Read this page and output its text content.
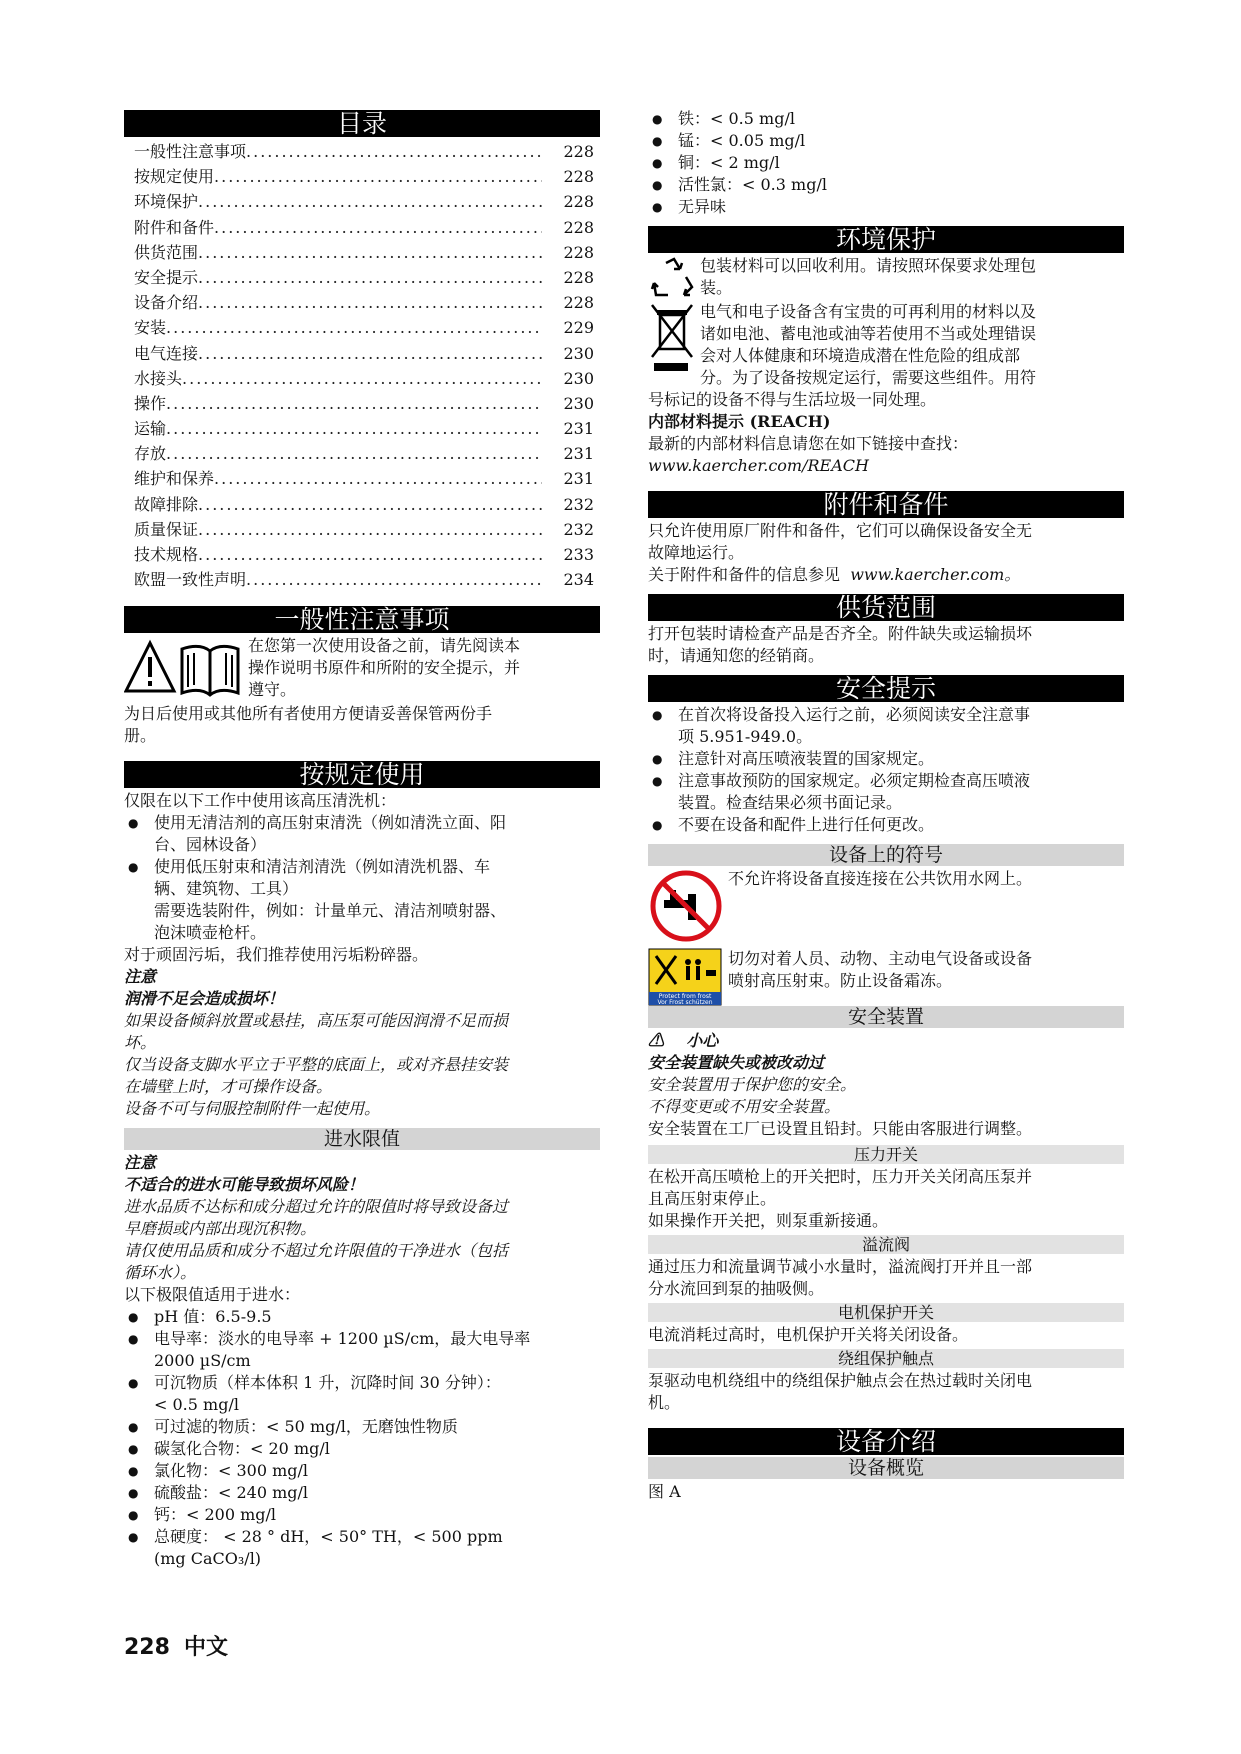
目录
一般性注意事项 .....	228
按规定使用 .....	228
环境保护 .....	228
附件和备件 .....	228
供货范围 .....	228
安全提示 .....	228
设备介绍 .....	228
安装 .....	229
电气连接 .....	230
水接头 .....	230
操作 .....	230
运输 .....	231
存放 .....	231
维护和保养 .....	231
故障排除 .....	232
质量保证 .....	232
技术规格 .....	233
欧盟一致性声明 .....	234
一般性注意事项

在您第一次使用设备之前，请先阅读本

操作说明书原件和所附的安全提示，并

遵守。

为日后使用或其他所有者使用方便请妥善保管两份手

册。

按规定使用

仅限在以下工作中使用该高压清洗机：

● 使用无清洁剂的高压射束清洗（例如清洗立面、阳
台、园林设备）
● 使用低压射束和清洁剂清洗（例如清洗机器、车
辆、建筑物、工具）
需要选装附件，例如：计量单元、清洁剂喷射器、
泡沫喷壶枪杆。

对于顽固污垢，我们推荐使用污垢粉碎器。

注意

润滑不足会造成损坏！

如果设备倾斜放置或悬挂，高压泵可能因润滑不足而损

坏。

仅当设备支脚水平立于平整的底面上，或对齐悬挂安装

在墙壁上时，才可操作设备。

设备不可与伺服控制附件一起使用。

进水限值

注意

不适合的进水可能导致损坏风险！

进水品质不达标和成分超过允许的限值时将导致设备过

早磨损或内部出现沉积物。

请仅使用品质和成分不超过允许限值的干净进水（包括

循环水）。

以下极限值适用于进水：

● pH 值：6.5-9.5
● 电导率：淡水的电导率 + 1200 µS/cm，最大电导率
2000 µS/cm
● 可沉物质（样本体积 1 升，沉降时间 30 分钟）：
< 0.5 mg/l
● 可过滤的物质：< 50 mg/l，无磨蚀性物质
● 碳氢化合物：< 20 mg/l
● 氯化物：< 300 mg/l
● 硫酸盐：< 240 mg/l
● 钙：< 200 mg/l
● 总硬度： < 28 ° dH，< 50° TH，< 500 ppm
(mg CaCO₃/l)
● 铁：< 0.5 mg/l
● 锰：< 0.05 mg/l
● 铜：< 2 mg/l
● 活性氯：< 0.3 mg/l
● 无异味
环境保护

包装材料可以回收利用。请按照环保要求处理包

装。

电气和电子设备含有宝贵的可再利用的材料以及

诸如电池、蓄电池或油等若使用不当或处理错误

会对人体健康和环境造成潜在性危险的组成部

分。为了设备按规定运行，需要这些组件。用符

号标记的设备不得与生活垃圾一同处理。

内部材料提示 (REACH)

最新的内部材料信息请您在如下链接中查找：

www.kaercher.com/REACH

附件和备件

只允许使用原厂附件和备件，它们可以确保设备安全无

故障地运行。

关于附件和备件的信息参见 www.kaercher.com。

供货范围

打开包装时请检查产品是否齐全。附件缺失或运输损坏

时，请通知您的经销商。

安全提示
● 在首次将设备投入运行之前，必须阅读安全注意事
项 5.951-949.0。
● 注意针对高压喷液装置的国家规定。
● 注意事故预防的国家规定。必须定期检查高压喷液
装置。检查结果必须书面记录。
● 不要在设备和配件上进行任何更改。
设备上的符号

不允许将设备直接连接在公共饮用水网上。

Protect from frost
Vor Frost schützen

切勿对着人员、动物、主动电气设备或设备

喷射高压射束。防止设备霜冻。

安全装置

⚠ 小心

安全装置缺失或被改动过

安全装置用于保护您的安全。

不得变更或不用安全装置。

安全装置在工厂已设置且铅封。只能由客服进行调整。

压力开关

在松开高压喷枪上的开关把时，压力开关关闭高压泵并

且高压射束停止。

如果操作开关把，则泵重新接通。

溢流阀

通过压力和流量调节减小水量时，溢流阀打开并且一部

分水流回到泵的抽吸侧。

电机保护开关

电流消耗过高时，电机保护开关将关闭设备。

绕组保护触点

泵驱动电机绕组中的绕组保护触点会在热过载时关闭电

机。

设备介绍
设备概览

图 A

228 中文
